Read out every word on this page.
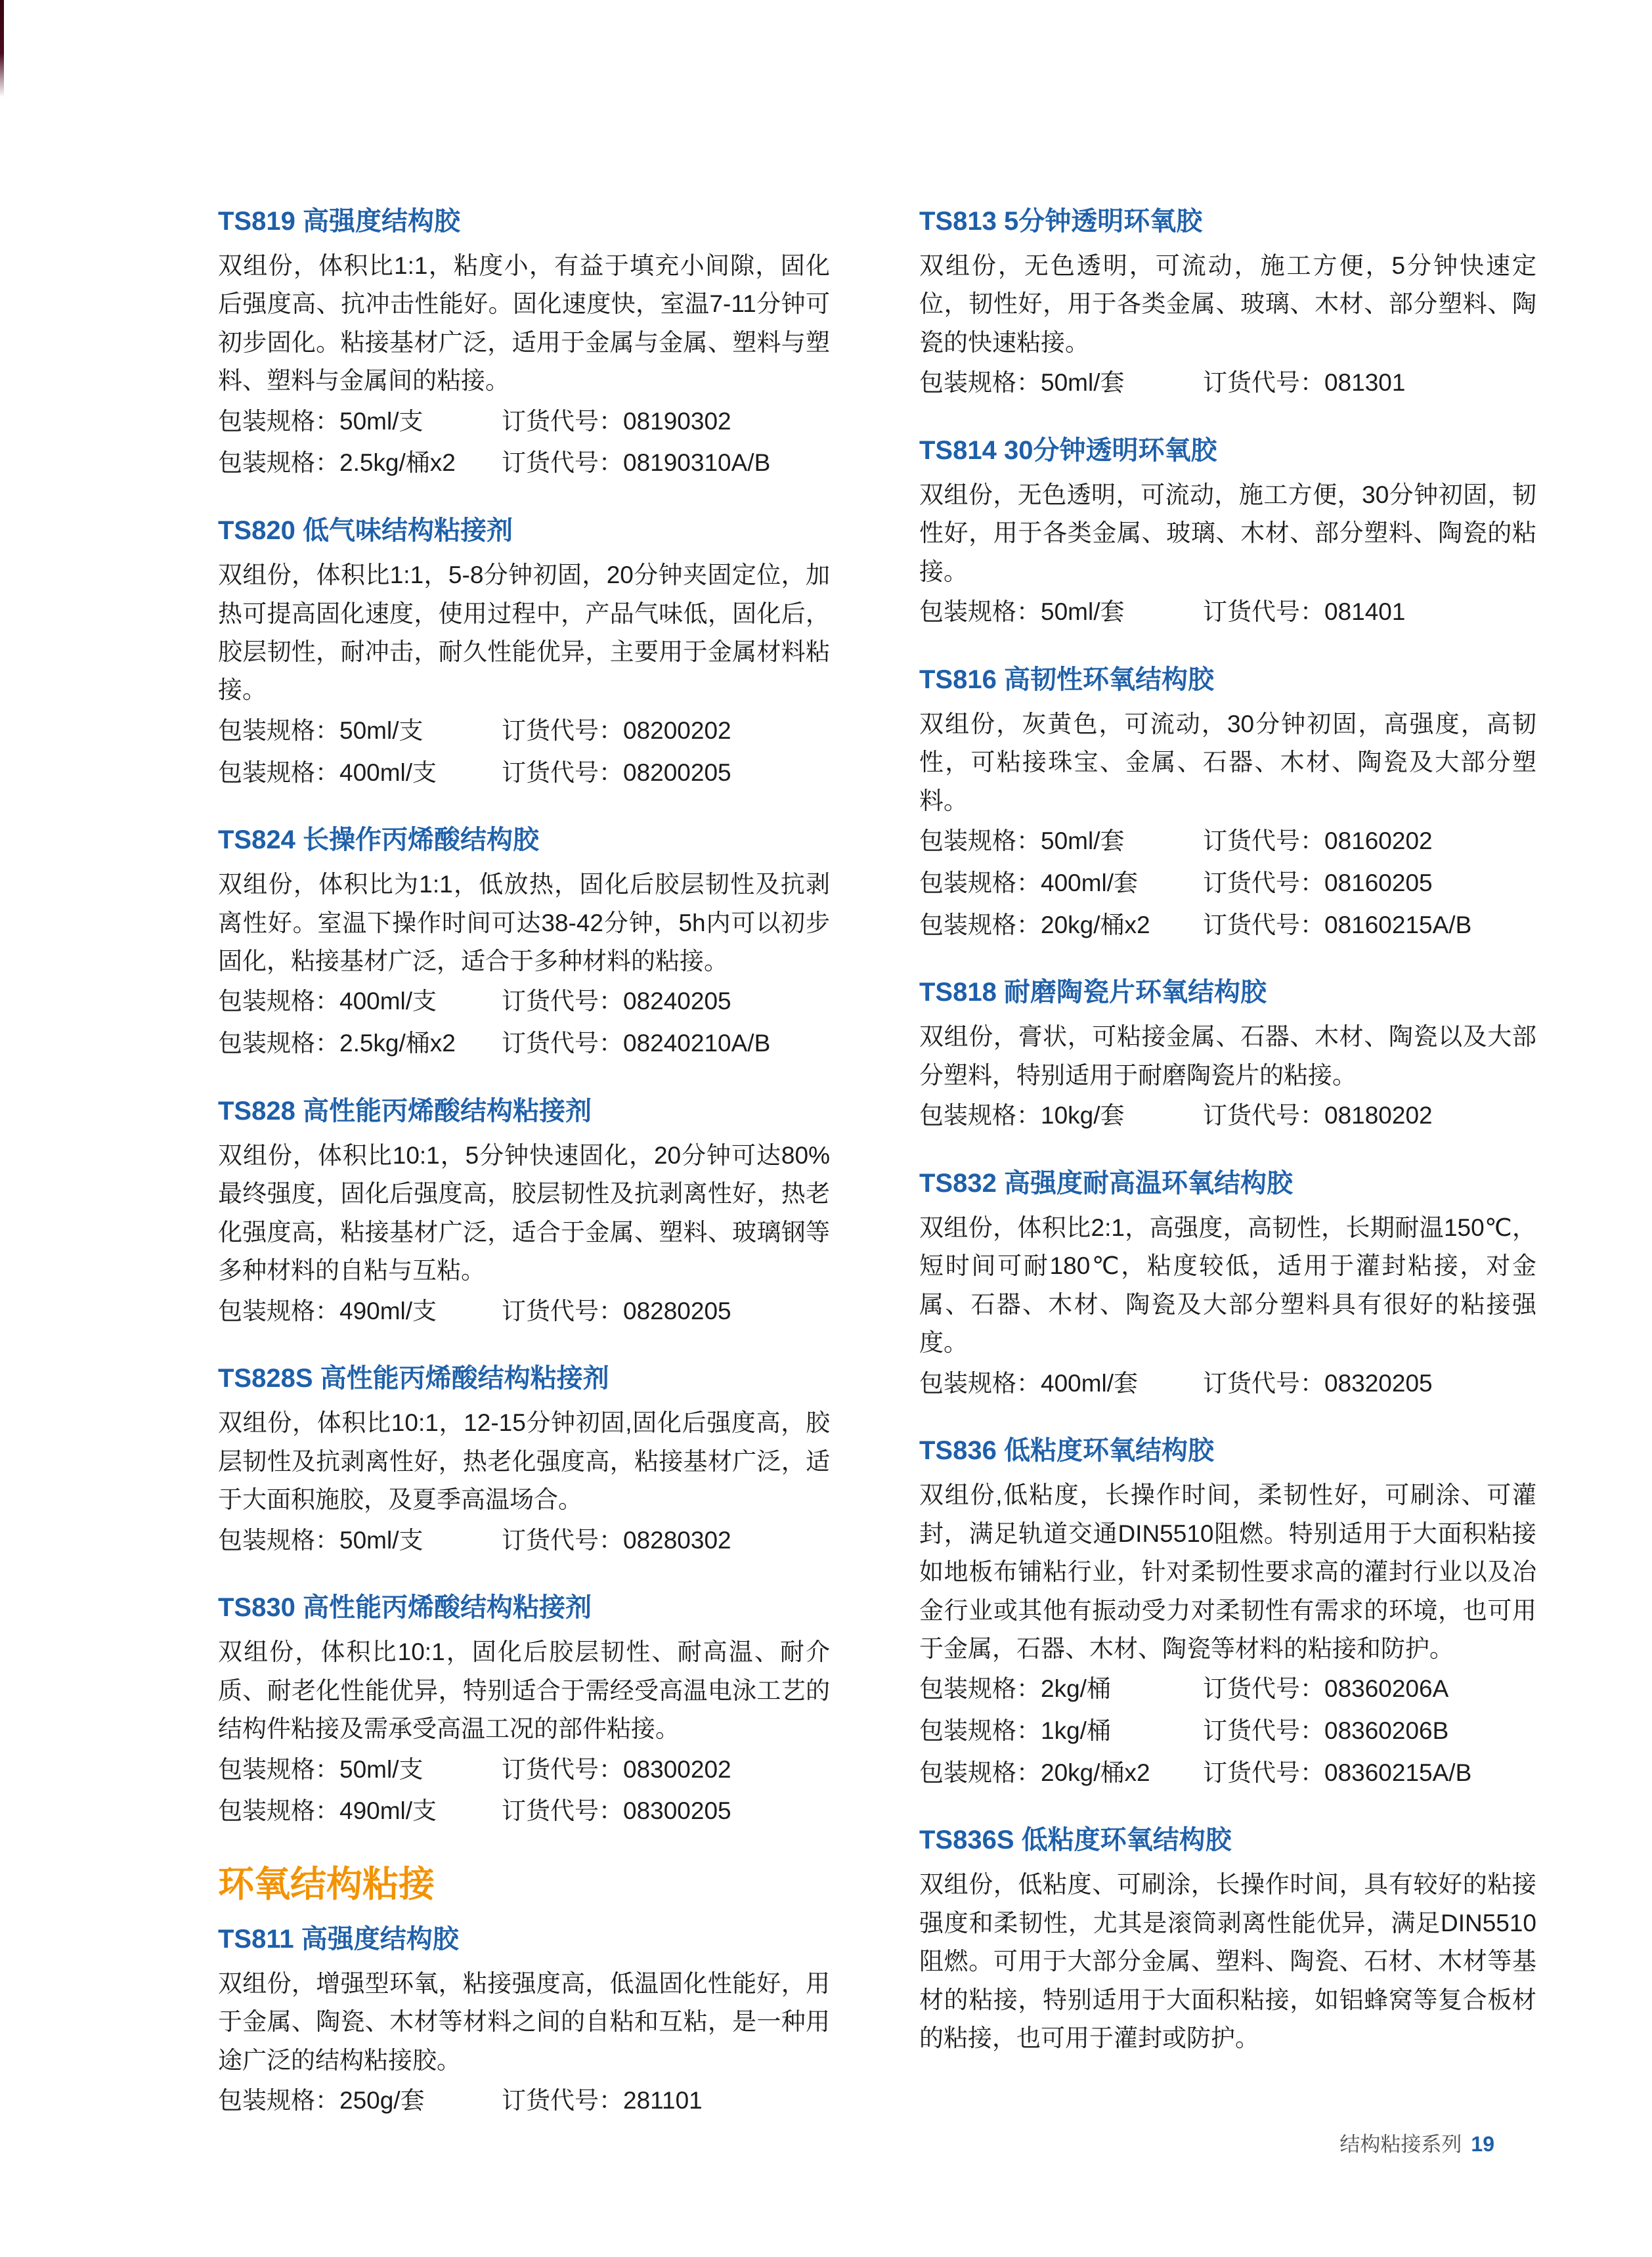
TS819 高强度结构胶

双组份，体积比1:1，粘度小，有益于填充小间隙，固化后强度高、抗冲击性能好。固化速度快，室温7-11分钟可初步固化。粘接基材广泛，适用于金属与金属、塑料与塑料、塑料与金属间的粘接。

包装规格：50ml/支	订货代号：08190302
包装规格：2.5kg/桶x2	订货代号：08190310A/B
TS820 低气味结构粘接剂

双组份，体积比1:1，5-8分钟初固，20分钟夹固定位，加热可提高固化速度，使用过程中，产品气味低，固化后，胶层韧性，耐冲击，耐久性能优异，主要用于金属材料粘接。

包装规格：50ml/支	订货代号：08200202
包装规格：400ml/支	订货代号：08200205
TS824 长操作丙烯酸结构胶

双组份，体积比为1:1，低放热，固化后胶层韧性及抗剥离性好。室温下操作时间可达38-42分钟，5h内可以初步固化，粘接基材广泛，适合于多种材料的粘接。

包装规格：400ml/支	订货代号：08240205
包装规格：2.5kg/桶x2	订货代号：08240210A/B
TS828 高性能丙烯酸结构粘接剂

双组份，体积比10:1，5分钟快速固化，20分钟可达80%最终强度，固化后强度高，胶层韧性及抗剥离性好，热老化强度高，粘接基材广泛，适合于金属、塑料、玻璃钢等多种材料的自粘与互粘。

包装规格：490ml/支	订货代号：08280205
TS828S 高性能丙烯酸结构粘接剂

双组份，体积比10:1，12-15分钟初固,固化后强度高，胶层韧性及抗剥离性好，热老化强度高，粘接基材广泛，适于大面积施胶，及夏季高温场合。

包装规格：50ml/支	订货代号：08280302
TS830 高性能丙烯酸结构粘接剂

双组份，体积比10:1，固化后胶层韧性、耐高温、耐介质、耐老化性能优异，特别适合于需经受高温电泳工艺的结构件粘接及需承受高温工况的部件粘接。

包装规格：50ml/支	订货代号：08300202
包装规格：490ml/支	订货代号：08300205
环氧结构粘接
TS811 高强度结构胶

双组份，增强型环氧，粘接强度高，低温固化性能好，用于金属、陶瓷、木材等材料之间的自粘和互粘，是一种用途广泛的结构粘接胶。

包装规格：250g/套	订货代号：281101
TS813 5分钟透明环氧胶

双组份，无色透明，可流动，施工方便，5分钟快速定位，韧性好，用于各类金属、玻璃、木材、部分塑料、陶瓷的快速粘接。

包装规格：50ml/套	订货代号：081301
TS814 30分钟透明环氧胶

双组份，无色透明，可流动，施工方便，30分钟初固，韧性好，用于各类金属、玻璃、木材、部分塑料、陶瓷的粘接。

包装规格：50ml/套	订货代号：081401
TS816 高韧性环氧结构胶

双组份，灰黄色，可流动，30分钟初固，高强度，高韧性，可粘接珠宝、金属、石器、木材、陶瓷及大部分塑料。

包装规格：50ml/套	订货代号：08160202
包装规格：400ml/套	订货代号：08160205
包装规格：20kg/桶x2	订货代号：08160215A/B
TS818 耐磨陶瓷片环氧结构胶

双组份，膏状，可粘接金属、石器、木材、陶瓷以及大部分塑料，特别适用于耐磨陶瓷片的粘接。

包装规格：10kg/套	订货代号：08180202
TS832 高强度耐高温环氧结构胶

双组份，体积比2:1，高强度，高韧性，长期耐温150℃，短时间可耐180℃，粘度较低，适用于灌封粘接，对金属、石器、木材、陶瓷及大部分塑料具有很好的粘接强度。

包装规格：400ml/套	订货代号：08320205
TS836 低粘度环氧结构胶

双组份,低粘度，长操作时间，柔韧性好，可刷涂、可灌封，满足轨道交通DIN5510阻燃。特别适用于大面积粘接如地板布铺粘行业，针对柔韧性要求高的灌封行业以及冶金行业或其他有振动受力对柔韧性有需求的环境，也可用于金属，石器、木材、陶瓷等材料的粘接和防护。

包装规格：2kg/桶	订货代号：08360206A
包装规格：1kg/桶	订货代号：08360206B
包装规格：20kg/桶x2	订货代号：08360215A/B
TS836S 低粘度环氧结构胶

双组份，低粘度、可刷涂，长操作时间，具有较好的粘接强度和柔韧性，尤其是滚筒剥离性能优异，满足DIN5510阻燃。可用于大部分金属、塑料、陶瓷、石材、木材等基材的粘接，特别适用于大面积粘接，如铝蜂窝等复合板材的粘接，也可用于灌封或防护。

结构粘接系列 19
